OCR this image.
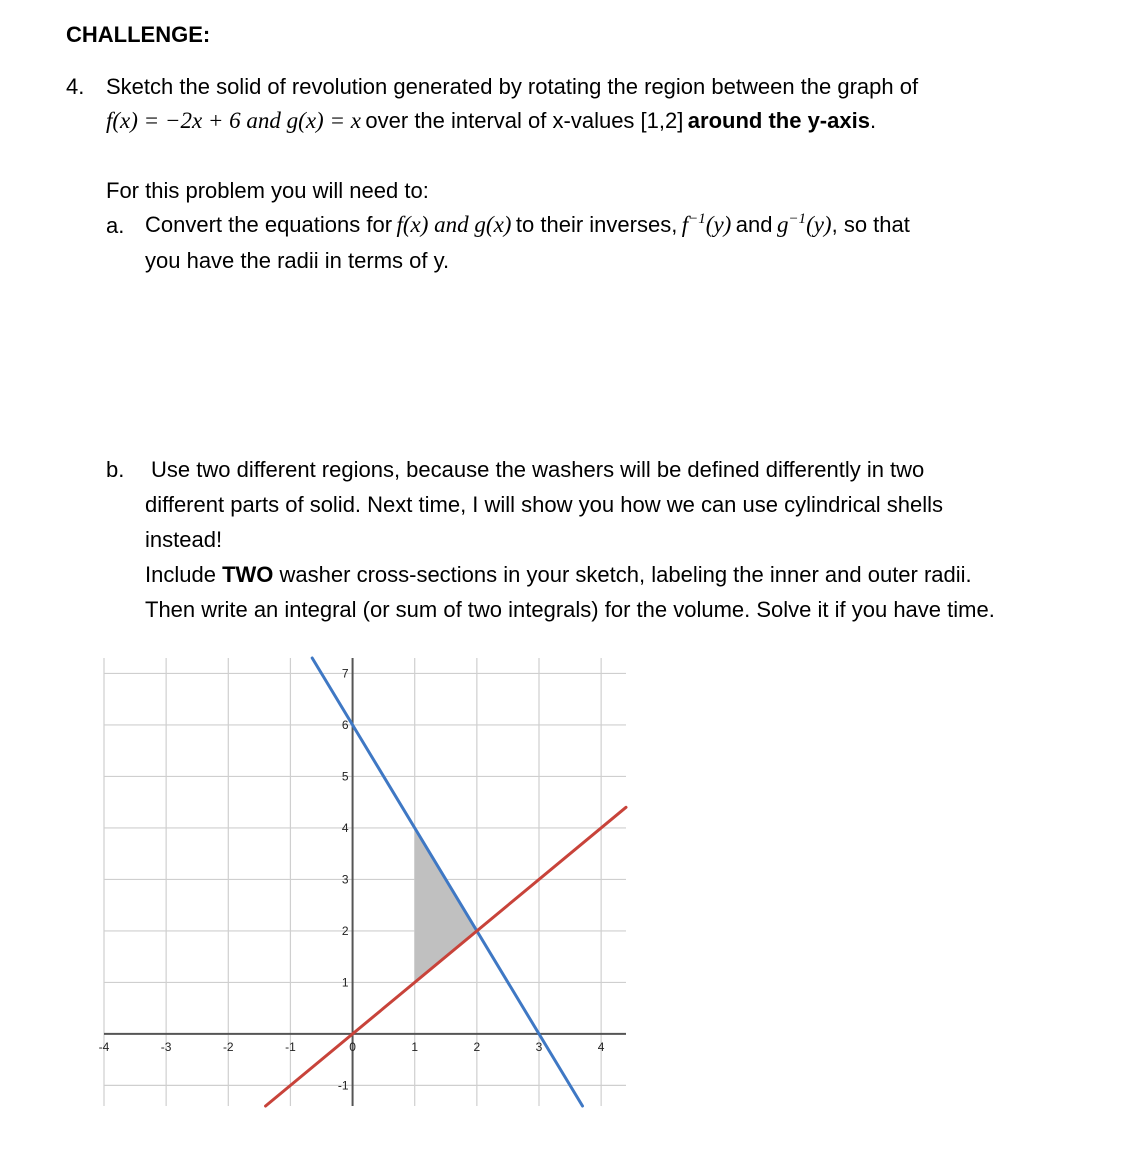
CHALLENGE:
4. Sketch the solid of revolution generated by rotating the region between the graph of
f(x) = −2x + 6 and g(x) = x over the interval of x-values [1,2] around the y-axis.
For this problem you will need to:
a. Convert the equations for f(x) and g(x) to their inverses, $f^{-1}(y)$ and $g^{-1}(y)$, so that
you have the radii in terms of y.
b. Use two different regions, because the washers will be defined differently in two
different parts of solid. Next time, I will show you how we can use cylindrical shells
instead!
Include TWO washer cross-sections in your sketch, labeling the inner and outer radii.
Then write an integral (or sum of two integrals) for the volume. Solve it if you have time.
-4	-3	-2	-1	0	1	2	3	4
-1
1
2
3
4
5
6
7
